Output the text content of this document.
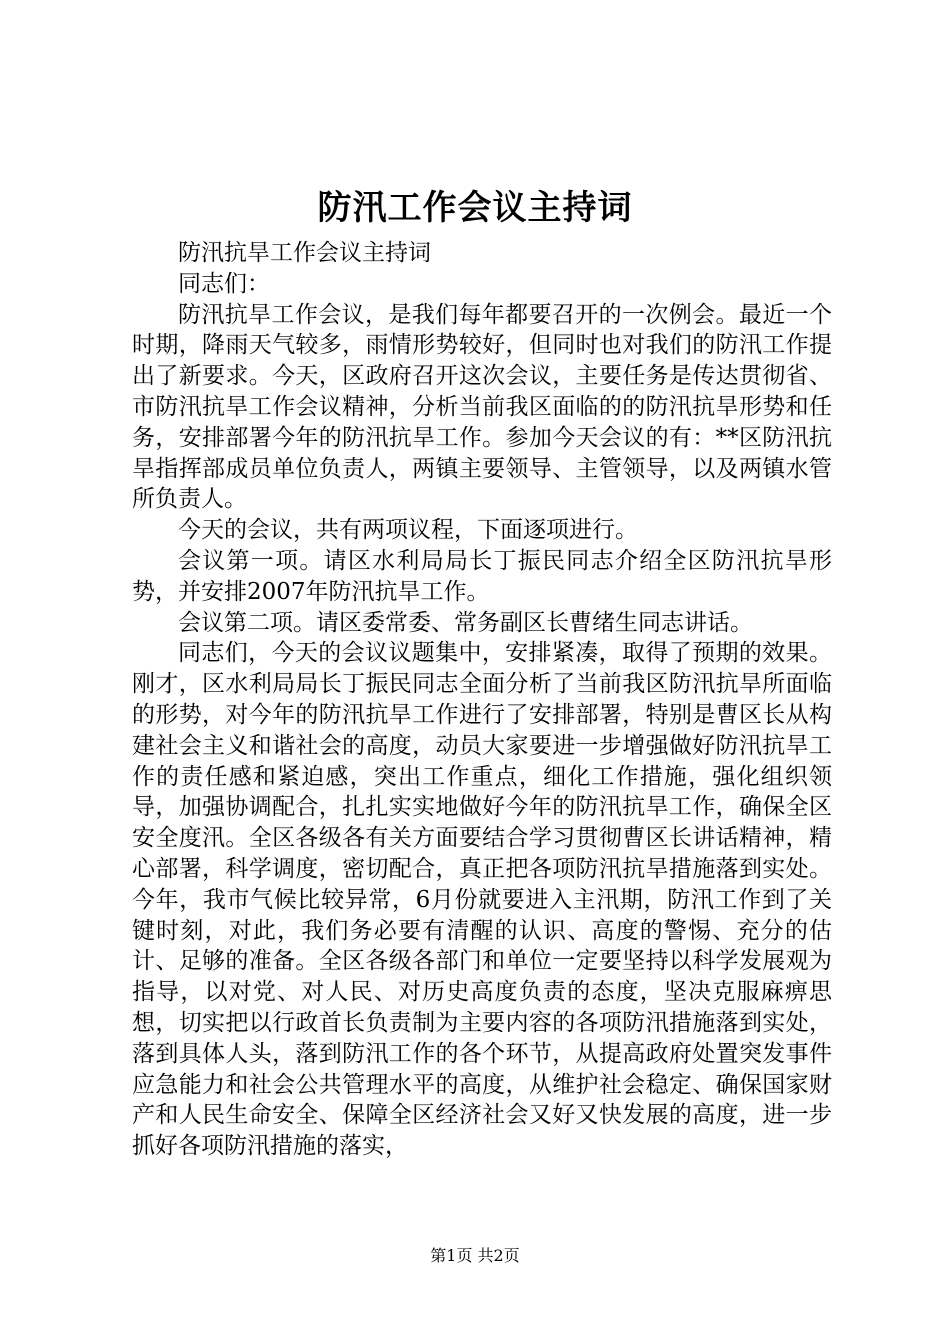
防汛工作会议主持词

防汛抗旱工作会议主持词

同志们：

防汛抗旱工作会议，是我们每年都要召开的一次例会。最近一个时期，降雨天气较多，雨情形势较好，但同时也对我们的防汛工作提出了新要求。今天，区政府召开这次会议，主要任务是传达贯彻省、市防汛抗旱工作会议精神，分析当前我区面临的的防汛抗旱形势和任务，安排部署今年的防汛抗旱工作。参加今天会议的有：**区防汛抗旱指挥部成员单位负责人，两镇主要领导、主管领导，以及两镇水管所负责人。

今天的会议，共有两项议程，下面逐项进行。

会议第一项。请区水利局局长丁振民同志介绍全区防汛抗旱形势，并安排2007年防汛抗旱工作。

会议第二项。请区委常委、常务副区长曹绪生同志讲话。

同志们，今天的会议议题集中，安排紧凑，取得了预期的效果。刚才，区水利局局长丁振民同志全面分析了当前我区防汛抗旱所面临的形势，对今年的防汛抗旱工作进行了安排部署，特别是曹区长从构建社会主义和谐社会的高度，动员大家要进一步增强做好防汛抗旱工作的责任感和紧迫感，突出工作重点，细化工作措施，强化组织领导，加强协调配合，扎扎实实地做好今年的防汛抗旱工作，确保全区安全度汛。全区各级各有关方面要结合学习贯彻曹区长讲话精神，精心部署，科学调度，密切配合，真正把各项防汛抗旱措施落到实处。今年，我市气候比较异常，6月份就要进入主汛期，防汛工作到了关键时刻，对此，我们务必要有清醒的认识、高度的警惕、充分的估计、足够的准备。全区各级各部门和单位一定要坚持以科学发展观为指导，以对党、对人民、对历史高度负责的态度，坚决克服麻痹思想，切实把以行政首长负责制为主要内容的各项防汛措施落到实处，落到具体人头，落到防汛工作的各个环节，从提高政府处置突发事件应急能力和社会公共管理水平的高度，从维护社会稳定、确保国家财产和人民生命安全、保障全区经济社会又好又快发展的高度，进一步抓好各项防汛措施的落实，

第1页 共2页
